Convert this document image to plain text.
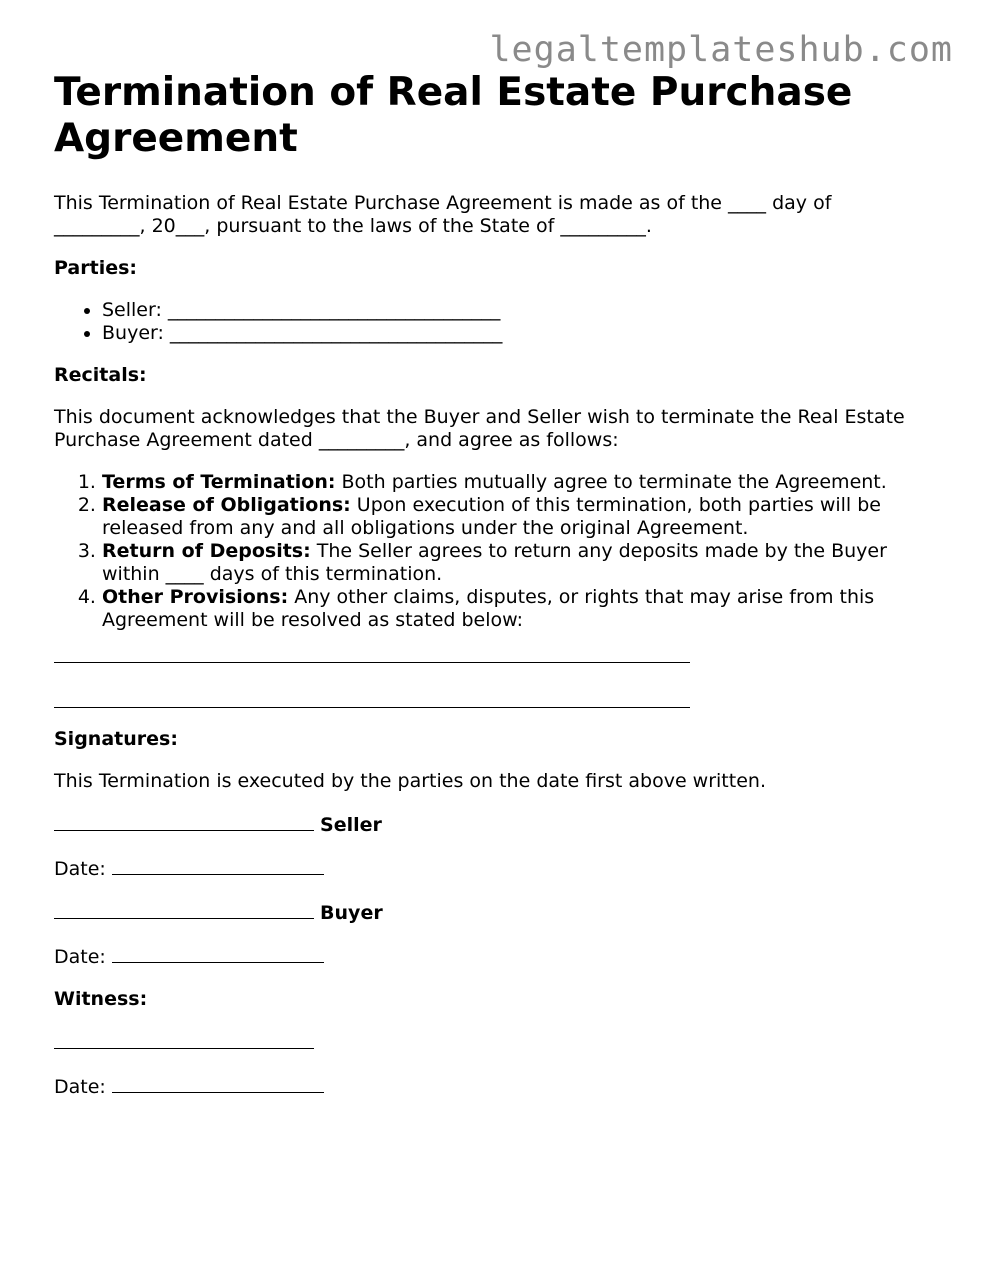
legaltemplateshub.com
Termination of Real Estate Purchase Agreement

This Termination of Real Estate Purchase Agreement is made as of the ____ day of

_________, 20___, pursuant to the laws of the State of _________.

Parties:

• Seller: ___________________________________
• Buyer: ___________________________________

Recitals:

This document acknowledges that the Buyer and Seller wish to terminate the Real Estate

Purchase Agreement dated _________, and agree as follows:

1. Terms of Termination: Both parties mutually agree to terminate the Agreement.
2. Release of Obligations: Upon execution of this termination, both parties will be released from any and all obligations under the original Agreement.
3. Return of Deposits: The Seller agrees to return any deposits made by the Buyer within ____ days of this termination.
4. Other Provisions: Any other claims, disputes, or rights that may arise from this Agreement will be resolved as stated below:

Signatures:

This Termination is executed by the parties on the date first above written.

Seller

Date:

Buyer

Date:

Witness:

Date:
